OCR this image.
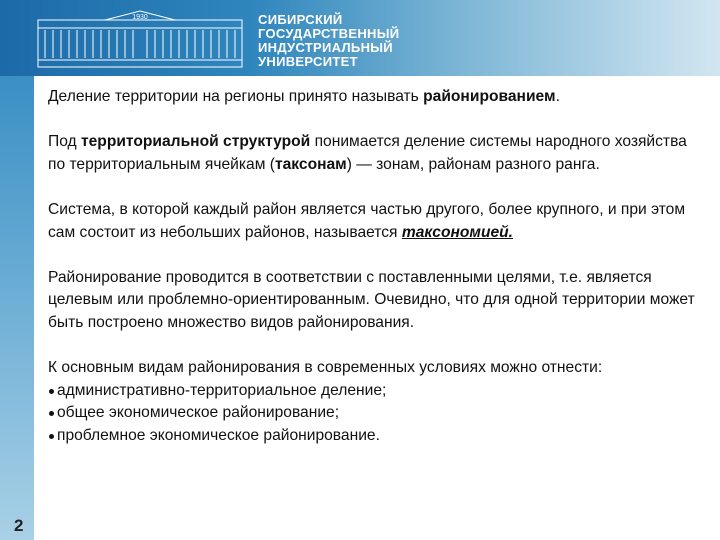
1930	СИБИРСКИЙ
ГОСУДАРСТВЕННЫЙ
ИНДУСТРИАЛЬНЫЙ
УНИВЕРСИТЕТ

Деление территории на регионы принято называть районированием.

Под территориальной структурой понимается деление системы народного хозяйства по территориальным ячейкам (таксонам) — зонам, районам разного ранга.

Система, в которой каждый район является частью другого, более крупного, и при этом сам состоит из небольших районов, называется таксономией.

Районирование проводится в соответствии с поставленными целями, т.е. является целевым или проблемно-ориентированным. Очевидно, что для одной территории может быть построено множество видов районирования.

К основным видам районирования в современных условиях можно отнести:

административно-территориальное деление;
общее экономическое районирование;
проблемное экономическое районирование.
2
